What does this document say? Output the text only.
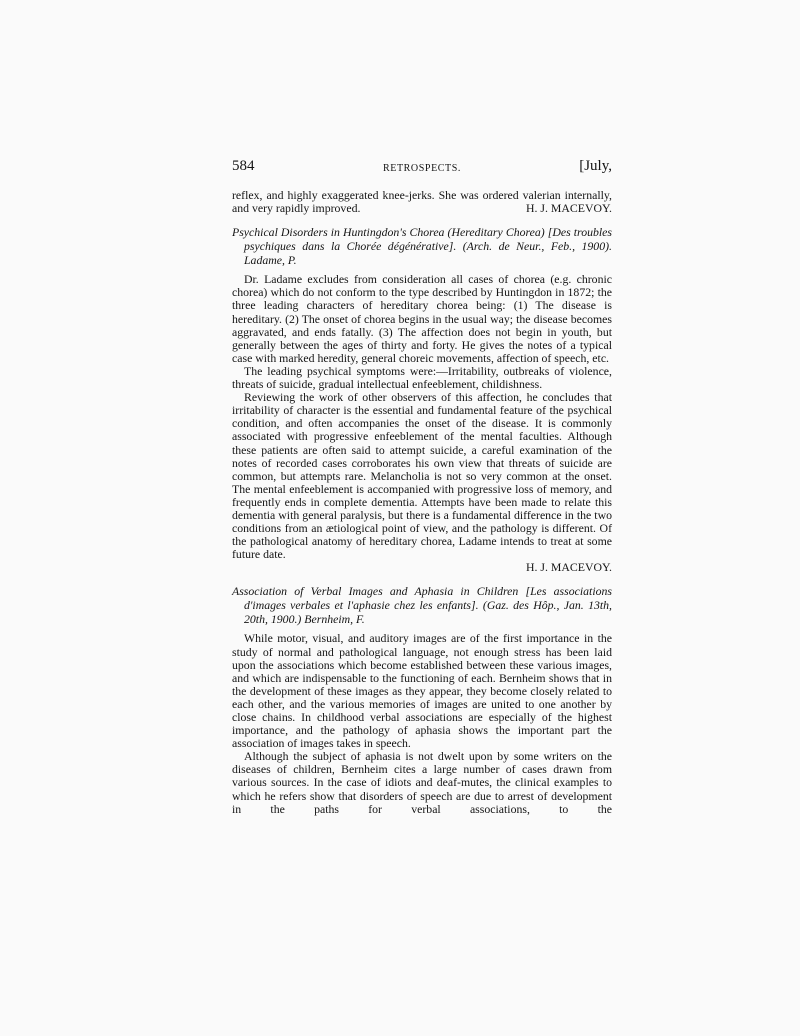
584	RETROSPECTS.	[July,

reflex, and highly exaggerated knee-jerks. She was ordered valerian internally, and very rapidly improved.	H. J. MACEVOY.
Psychical Disorders in Huntingdon's Chorea (Hereditary Chorea) [Des troubles psychiques dans la Chorée dégénérative]. (Arch. de Neur., Feb., 1900). Ladame, P.

Dr. Ladame excludes from consideration all cases of chorea (e.g. chronic chorea) which do not conform to the type described by Huntingdon in 1872; the three leading characters of hereditary chorea being: (1) The disease is hereditary. (2) The onset of chorea begins in the usual way; the disease becomes aggravated, and ends fatally. (3) The affection does not begin in youth, but generally between the ages of thirty and forty. He gives the notes of a typical case with marked heredity, general choreic movements, affection of speech, etc.

The leading psychical symptoms were:—Irritability, outbreaks of violence, threats of suicide, gradual intellectual enfeeblement, childishness.

Reviewing the work of other observers of this affection, he concludes that irritability of character is the essential and fundamental feature of the psychical condition, and often accompanies the onset of the disease. It is commonly associated with progressive enfeeblement of the mental faculties. Although these patients are often said to attempt suicide, a careful examination of the notes of recorded cases corroborates his own view that threats of suicide are common, but attempts rare. Melancholia is not so very common at the onset. The mental enfeeblement is accompanied with progressive loss of memory, and frequently ends in complete dementia. Attempts have been made to relate this dementia with general paralysis, but there is a fundamental difference in the two conditions from an ætiological point of view, and the pathology is different. Of the pathological anatomy of hereditary chorea, Ladame intends to treat at some future date.

H. J. MACEVOY.
Association of Verbal Images and Aphasia in Children [Les associations d'images verbales et l'aphasie chez les enfants]. (Gaz. des Hôp., Jan. 13th, 20th, 1900.) Bernheim, F.

While motor, visual, and auditory images are of the first importance in the study of normal and pathological language, not enough stress has been laid upon the associations which become established between these various images, and which are indispensable to the functioning of each. Bernheim shows that in the development of these images as they appear, they become closely related to each other, and the various memories of images are united to one another by close chains. In childhood verbal associations are especially of the highest importance, and the pathology of aphasia shows the important part the association of images takes in speech.

Although the subject of aphasia is not dwelt upon by some writers on the diseases of children, Bernheim cites a large number of cases drawn from various sources. In the case of idiots and deaf-mutes, the clinical examples to which he refers show that disorders of speech are due to arrest of development in the paths for verbal associations, to the
